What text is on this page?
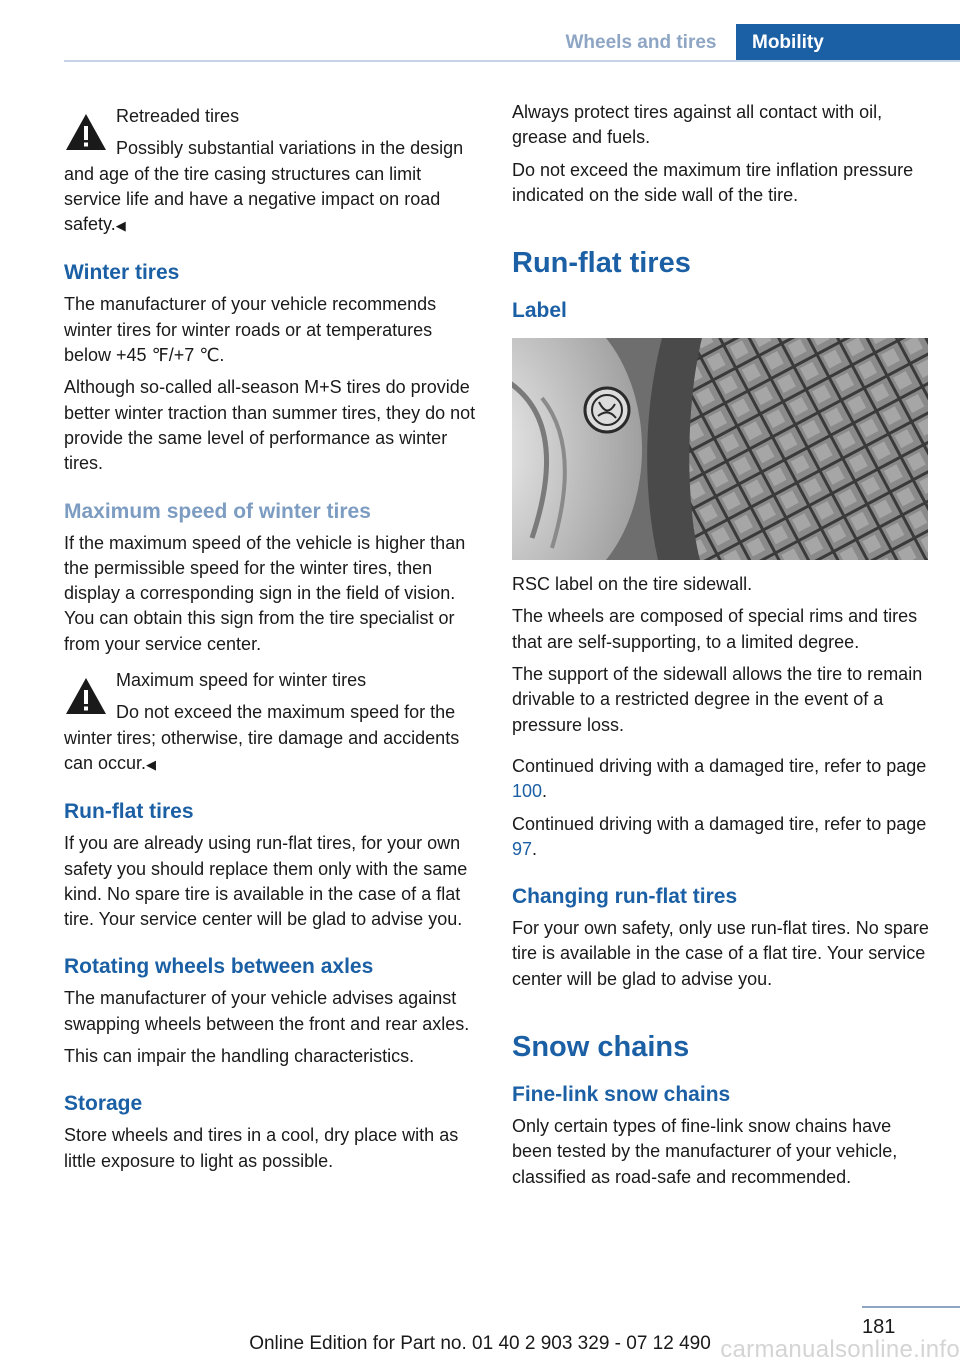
Wheels and tires	Mobility
Retreaded tires

Possibly substantial variations in the design and age of the tire casing structures can limit service life and have a negative impact on road safety.◀

Winter tires

The manufacturer of your vehicle recommends winter tires for winter roads or at temperatures below +45 ℉/+7 ℃.

Although so-called all-season M+S tires do provide better winter traction than summer tires, they do not provide the same level of performance as winter tires.

Maximum speed of winter tires

If the maximum speed of the vehicle is higher than the permissible speed for the winter tires, then display a corresponding sign in the field of vision. You can obtain this sign from the tire specialist or from your service center.

Maximum speed for winter tires

Do not exceed the maximum speed for the winter tires; otherwise, tire damage and accidents can occur.◀

Run-flat tires

If you are already using run-flat tires, for your own safety you should replace them only with the same kind. No spare tire is available in the case of a flat tire. Your service center will be glad to advise you.

Rotating wheels between axles

The manufacturer of your vehicle advises against swapping wheels between the front and rear axles.

This can impair the handling characteristics.

Storage

Store wheels and tires in a cool, dry place with as little exposure to light as possible.

Always protect tires against all contact with oil, grease and fuels.

Do not exceed the maximum tire inflation pressure indicated on the side wall of the tire.

Run-flat tires
Label

RSC label on the tire sidewall.

The wheels are composed of special rims and tires that are self-supporting, to a limited degree.

The support of the sidewall allows the tire to remain drivable to a restricted degree in the event of a pressure loss.

Continued driving with a damaged tire, refer to page 100.

Continued driving with a damaged tire, refer to page 97.

Changing run-flat tires

For your own safety, only use run-flat tires. No spare tire is available in the case of a flat tire. Your service center will be glad to advise you.

Snow chains
Fine-link snow chains

Only certain types of fine-link snow chains have been tested by the manufacturer of your vehicle, classified as road-safe and recommended.

181
Online Edition for Part no. 01 40 2 903 329 - 07 12 490 carmanualsonline.info
